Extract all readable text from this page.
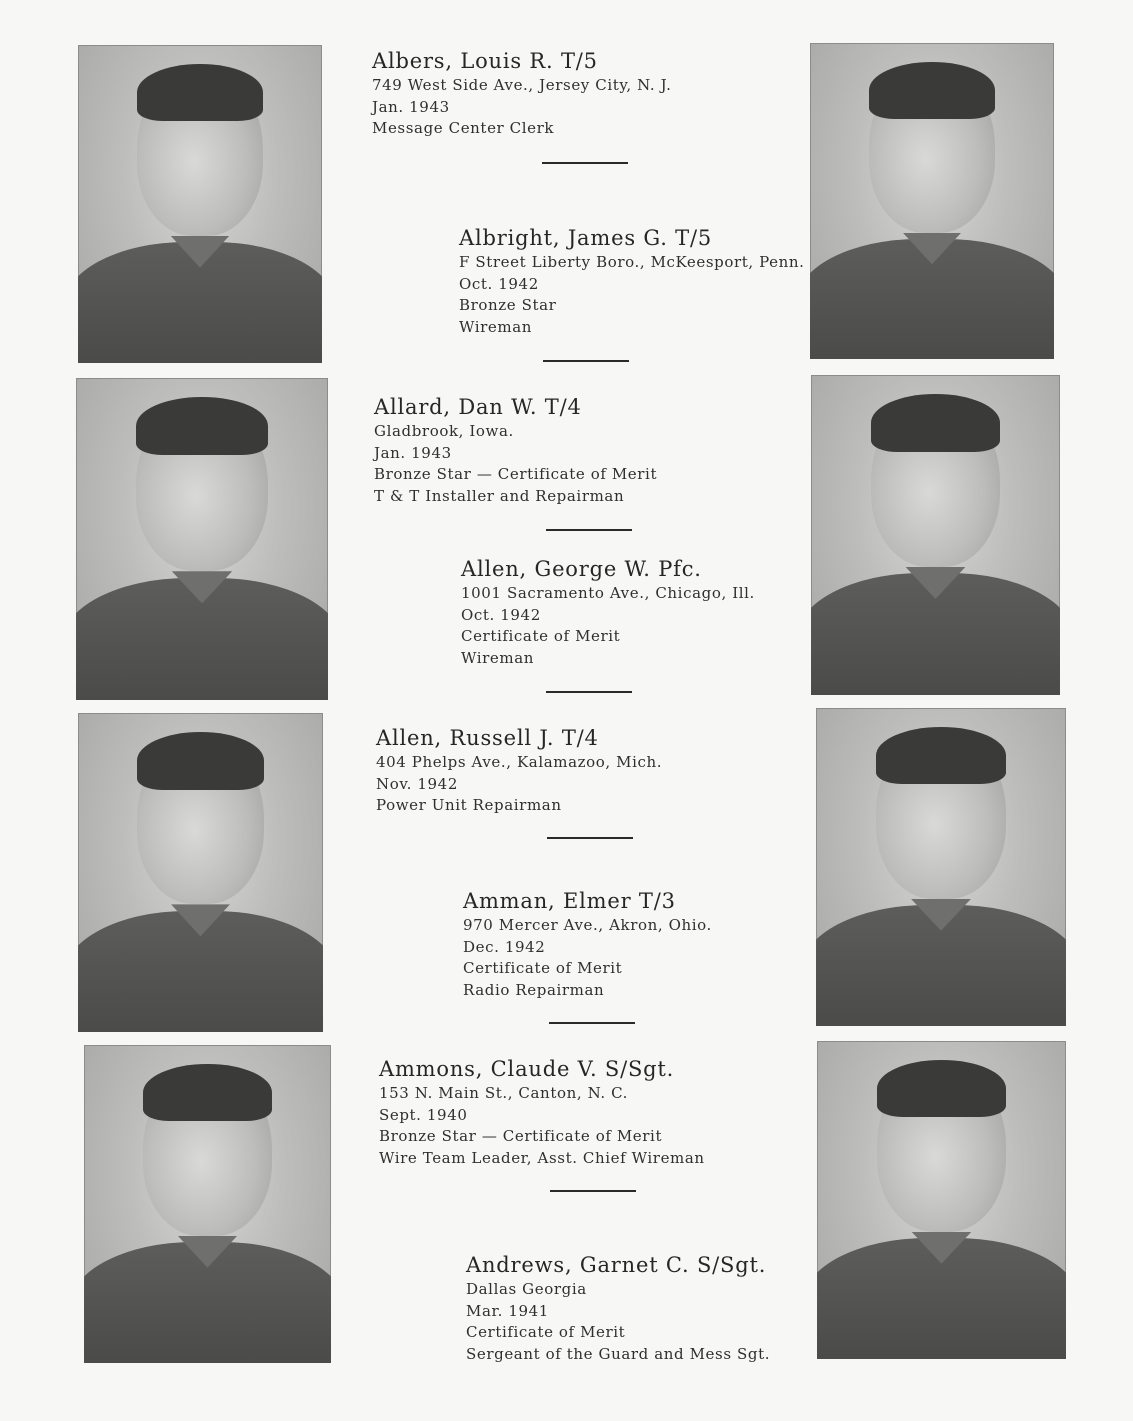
Albers, Louis R. T/5
749 West Side Ave., Jersey City, N. J.
Jan. 1943
Message Center Clerk
Albright, James G. T/5
F Street Liberty Boro., McKeesport, Penn.
Oct. 1942
Bronze Star
Wireman
Allard, Dan W. T/4
Gladbrook, Iowa.
Jan. 1943
Bronze Star — Certificate of Merit
T & T Installer and Repairman
Allen, George W. Pfc.
1001 Sacramento Ave., Chicago, Ill.
Oct. 1942
Certificate of Merit
Wireman
Allen, Russell J. T/4
404 Phelps Ave., Kalamazoo, Mich.
Nov. 1942
Power Unit Repairman
Amman, Elmer T/3
970 Mercer Ave., Akron, Ohio.
Dec. 1942
Certificate of Merit
Radio Repairman
Ammons, Claude V. S/Sgt.
153 N. Main St., Canton, N. C.
Sept. 1940
Bronze Star — Certificate of Merit
Wire Team Leader, Asst. Chief Wireman
Andrews, Garnet C. S/Sgt.
Dallas Georgia
Mar. 1941
Certificate of Merit
Sergeant of the Guard and Mess Sgt.
